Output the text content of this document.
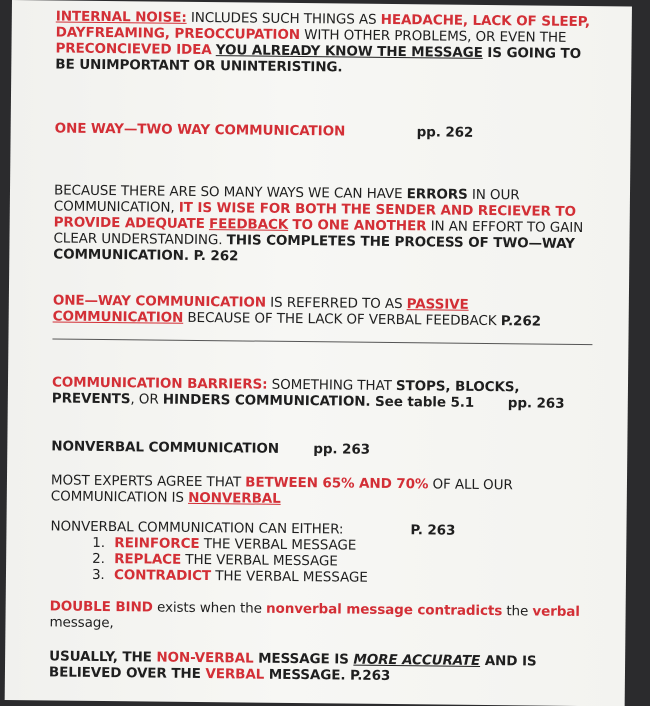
INTERNAL NOISE: INCLUDES SUCH THINGS AS HEADACHE, LACK OF SLEEP, DAYFREAMING, PREOCCUPATION WITH OTHER PROBLEMS, OR EVEN THE PRECONCIEVED IDEA YOU ALREADY KNOW THE MESSAGE IS GOING TO BE UNIMPORTANT OR UNINTERISTING.
ONE WAY—TWO WAY COMMUNICATION	pp. 262
BECAUSE THERE ARE SO MANY WAYS WE CAN HAVE ERRORS IN OUR COMMUNICATION, IT IS WISE FOR BOTH THE SENDER AND RECIEVER TO PROVIDE ADEQUATE FEEDBACK TO ONE ANOTHER IN AN EFFORT TO GAIN CLEAR UNDERSTANDING. THIS COMPLETES THE PROCESS OF TWO—WAY COMMUNICATION. P. 262
ONE—WAY COMMUNICATION IS REFERRED TO AS PASSIVE COMMUNICATION BECAUSE OF THE LACK OF VERBAL FEEDBACK P.262
COMMUNICATION BARRIERS: SOMETHING THAT STOPS, BLOCKS, PREVENTS, OR HINDERS COMMUNICATION. See table 5.1 pp. 263
NONVERBAL COMMUNICATION	pp. 263
MOST EXPERTS AGREE THAT BETWEEN 65% AND 70% OF ALL OUR COMMUNICATION IS NONVERBAL
NONVERBAL COMMUNICATION CAN EITHER:	P. 263
1. REINFORCE THE VERBAL MESSAGE
2. REPLACE THE VERBAL MESSAGE
3. CONTRADICT THE VERBAL MESSAGE
DOUBLE BIND exists when the nonverbal message contradicts the verbal message,
USUALLY, THE NON-VERBAL MESSAGE IS MORE ACCURATE AND IS BELIEVED OVER THE VERBAL MESSAGE. P.263
